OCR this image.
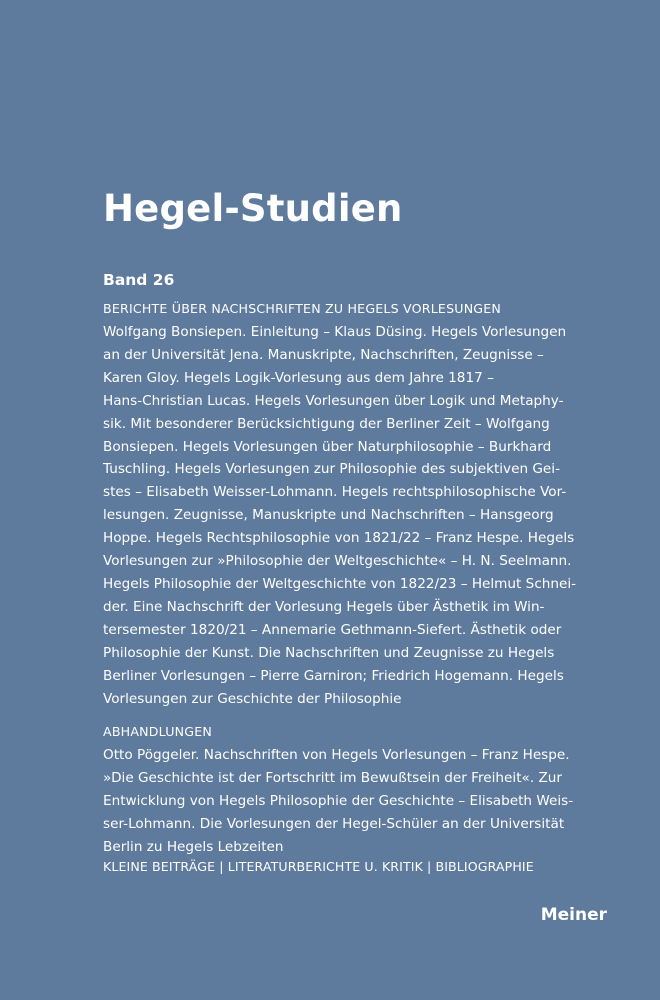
Hegel-Studien
Band 26

BERICHTE ÜBER NACHSCHRIFTEN ZU HEGELS VORLESUNGEN

Wolfgang Bonsiepen. Einleitung – Klaus Düsing. Hegels Vorlesungen
an der Universität Jena. Manuskripte, Nachschriften, Zeugnisse –
Karen Gloy. Hegels Logik-Vorlesung aus dem Jahre 1817 –
Hans-Christian Lucas. Hegels Vorlesungen über Logik und Metaphy-
sik. Mit besonderer Berücksichtigung der Berliner Zeit – Wolfgang
Bonsiepen. Hegels Vorlesungen über Naturphilosophie – Burkhard
Tuschling. Hegels Vorlesungen zur Philosophie des subjektiven Gei-
stes – Elisabeth Weisser-Lohmann. Hegels rechtsphilosophische Vor-
lesungen. Zeugnisse, Manuskripte und Nachschriften – Hansgeorg
Hoppe. Hegels Rechtsphilosophie von 1821/22 – Franz Hespe. Hegels
Vorlesungen zur »Philosophie der Weltgeschichte« – H. N. Seelmann.
Hegels Philosophie der Weltgeschichte von 1822/23 – Helmut Schnei-
der. Eine Nachschrift der Vorlesung Hegels über Ästhetik im Win-
tersemester 1820/21 – Annemarie Gethmann-Siefert. Ästhetik oder
Philosophie der Kunst. Die Nachschriften und Zeugnisse zu Hegels
Berliner Vorlesungen – Pierre Garniron; Friedrich Hogemann. Hegels
Vorlesungen zur Geschichte der Philosophie

ABHANDLUNGEN

Otto Pöggeler. Nachschriften von Hegels Vorlesungen – Franz Hespe.
»Die Geschichte ist der Fortschritt im Bewußtsein der Freiheit«. Zur
Entwicklung von Hegels Philosophie der Geschichte – Elisabeth Weis-
ser-Lohmann. Die Vorlesungen der Hegel-Schüler an der Universität
Berlin zu Hegels Lebzeiten

KLEINE BEITRÄGE | LITERATURBERICHTE U. KRITIK | BIBLIOGRAPHIE
Meiner
